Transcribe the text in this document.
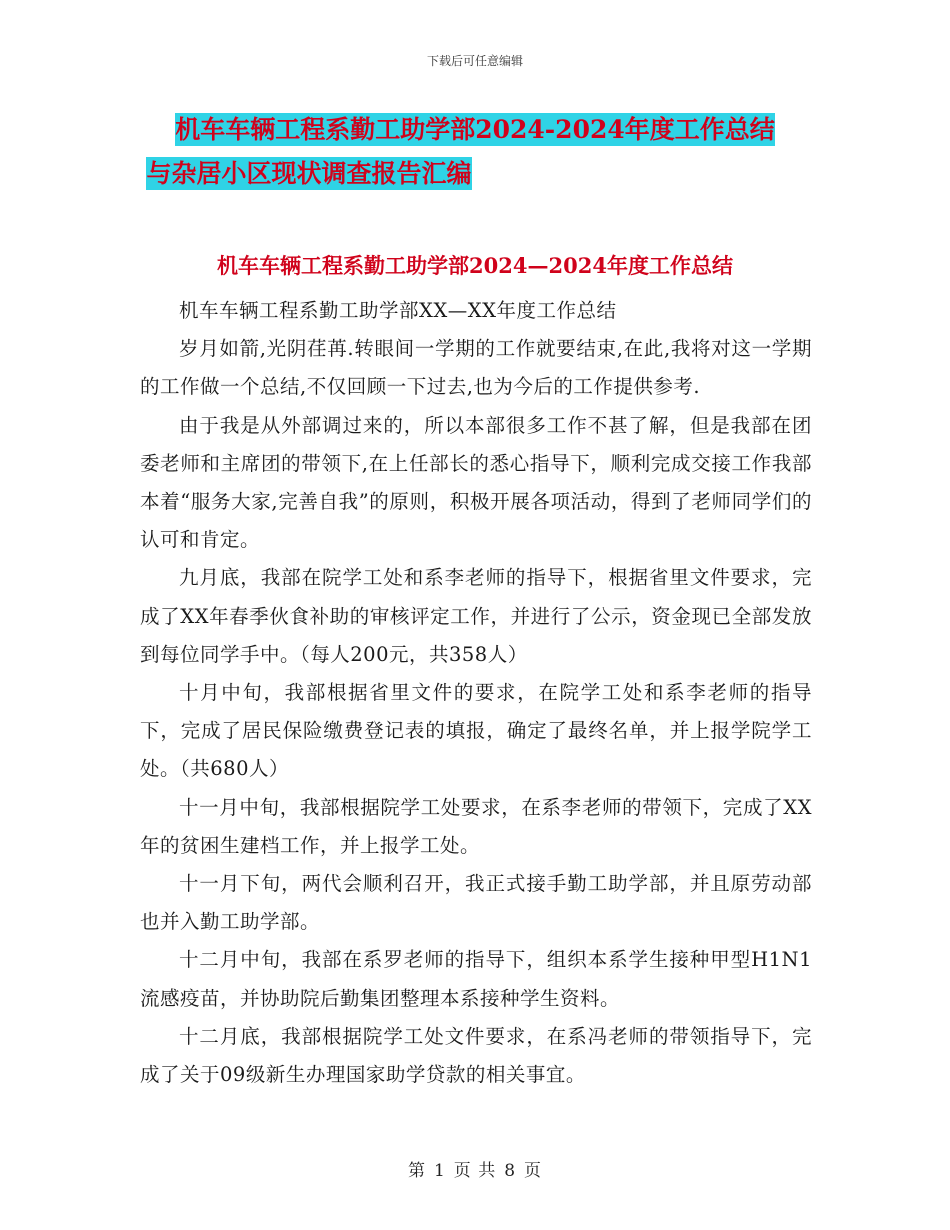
下载后可任意编辑
机车车辆工程系勤工助学部2024-2024年度工作总结
与杂居小区现状调查报告汇编
机车车辆工程系勤工助学部2024—2024年度工作总结

机车车辆工程系勤工助学部XX—XX年度工作总结

岁月如箭,光阴荏苒.转眼间一学期的工作就要结束,在此,我将对这一学期的工作做一个总结,不仅回顾一下过去,也为今后的工作提供参考.

由于我是从外部调过来的，所以本部很多工作不甚了解，但是我部在团委老师和主席团的带领下,在上任部长的悉心指导下，顺利完成交接工作我部本着“服务大家,完善自我”的原则，积极开展各项活动，得到了老师同学们的认可和肯定。

九月底，我部在院学工处和系李老师的指导下，根据省里文件要求，完成了XX年春季伙食补助的审核评定工作，并进行了公示，资金现已全部发放到每位同学手中。（每人200元，共358人）

十月中旬，我部根据省里文件的要求，在院学工处和系李老师的指导下，完成了居民保险缴费登记表的填报，确定了最终名单，并上报学院学工处。（共680人）

十一月中旬，我部根据院学工处要求，在系李老师的带领下，完成了XX年的贫困生建档工作，并上报学工处。

十一月下旬，两代会顺利召开，我正式接手勤工助学部，并且原劳动部也并入勤工助学部。

十二月中旬，我部在系罗老师的指导下，组织本系学生接种甲型H1N1流感疫苗，并协助院后勤集团整理本系接种学生资料。

十二月底，我部根据院学工处文件要求，在系冯老师的带领指导下，完成了关于09级新生办理国家助学贷款的相关事宜。

第 1 页 共 8 页
